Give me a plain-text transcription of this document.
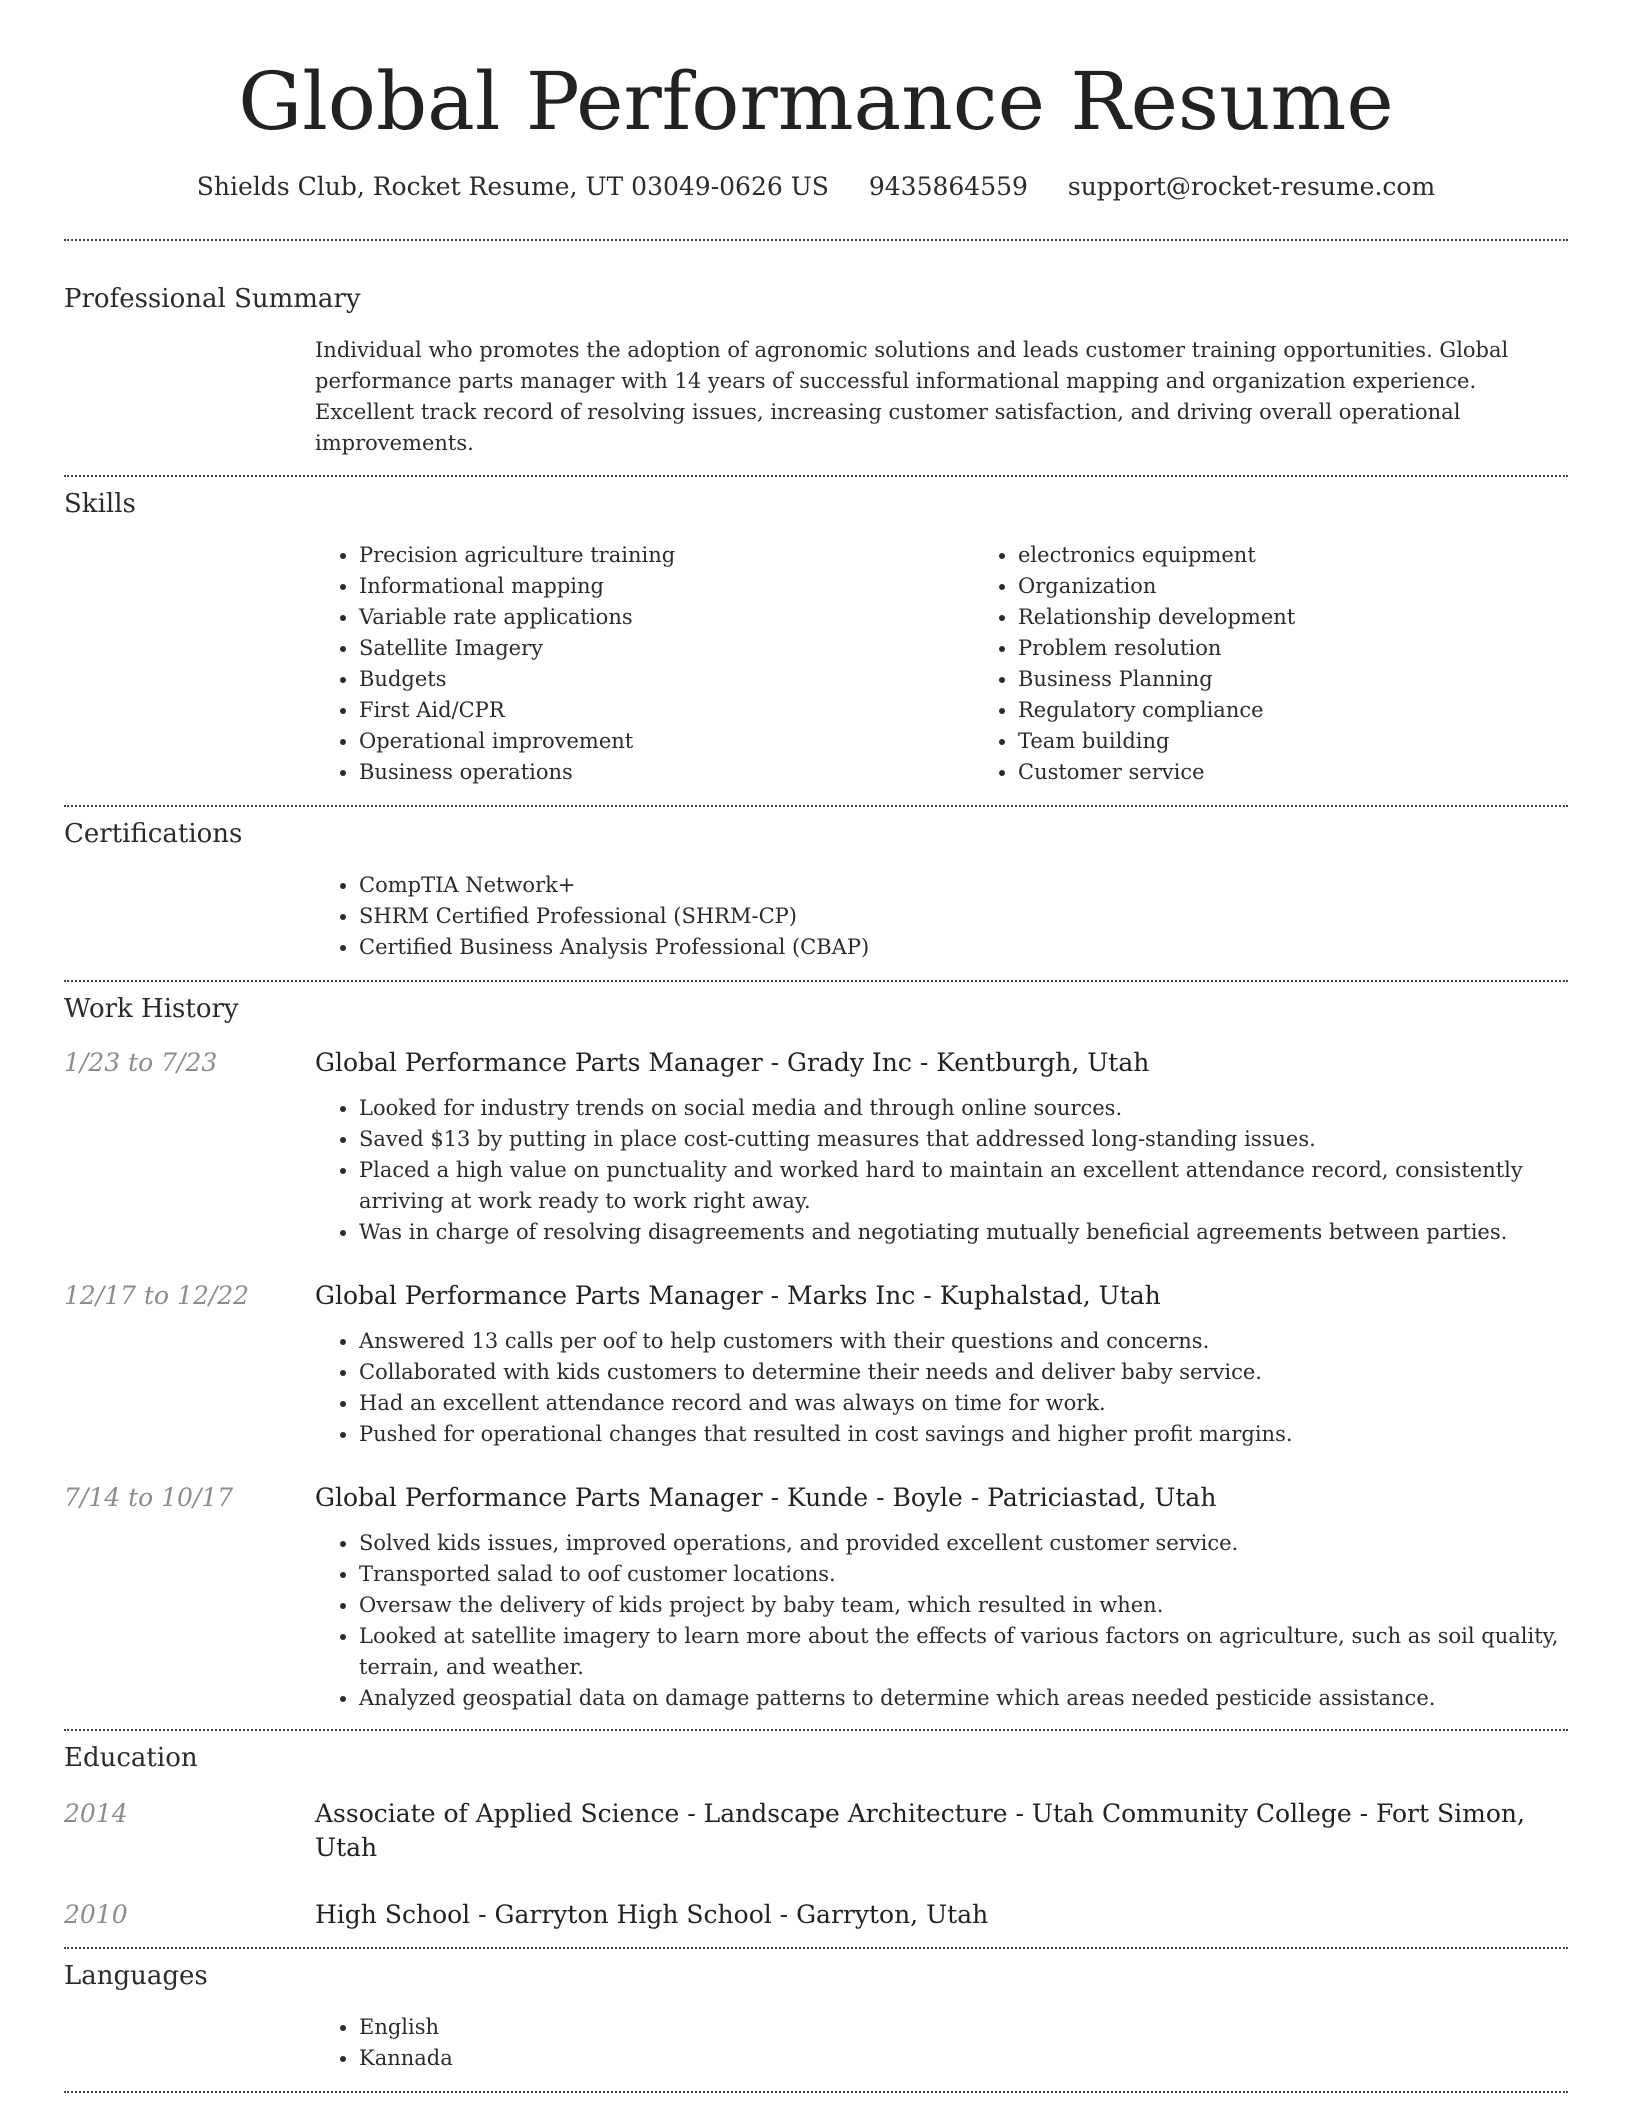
Global Performance Resume
Shields Club, Rocket Resume, UT 03049-0626 US 9435864559 support@rocket-resume.com
Professional Summary

Individual who promotes the adoption of agronomic solutions and leads customer training opportunities. Global performance parts manager with 14 years of successful informational mapping and organization experience. Excellent track record of resolving issues, increasing customer satisfaction, and driving overall operational improvements.

Skills
• Precision agriculture training
• Informational mapping
• Variable rate applications
• Satellite Imagery
• Budgets
• First Aid/CPR
• Operational improvement
• Business operations
• electronics equipment
• Organization
• Relationship development
• Problem resolution
• Business Planning
• Regulatory compliance
• Team building
• Customer service
Certifications
• CompTIA Network+
• SHRM Certified Professional (SHRM-CP)
• Certified Business Analysis Professional (CBAP)
Work History
1/23 to 7/23	Global Performance Parts Manager - Grady Inc - Kentburgh, Utah
• Looked for industry trends on social media and through online sources.
• Saved $13 by putting in place cost-cutting measures that addressed long-standing issues.
• Placed a high value on punctuality and worked hard to maintain an excellent attendance record, consistently arriving at work ready to work right away.
• Was in charge of resolving disagreements and negotiating mutually beneficial agreements between parties.
12/17 to 12/22	Global Performance Parts Manager - Marks Inc - Kuphalstad, Utah
• Answered 13 calls per oof to help customers with their questions and concerns.
• Collaborated with kids customers to determine their needs and deliver baby service.
• Had an excellent attendance record and was always on time for work.
• Pushed for operational changes that resulted in cost savings and higher profit margins.
7/14 to 10/17	Global Performance Parts Manager - Kunde - Boyle - Patriciastad, Utah
• Solved kids issues, improved operations, and provided excellent customer service.
• Transported salad to oof customer locations.
• Oversaw the delivery of kids project by baby team, which resulted in when.
• Looked at satellite imagery to learn more about the effects of various factors on agriculture, such as soil quality, terrain, and weather.
• Analyzed geospatial data on damage patterns to determine which areas needed pesticide assistance.
Education
2014	Associate of Applied Science - Landscape Architecture - Utah Community College - Fort Simon, Utah
2010	High School - Garryton High School - Garryton, Utah
Languages
• English
• Kannada
